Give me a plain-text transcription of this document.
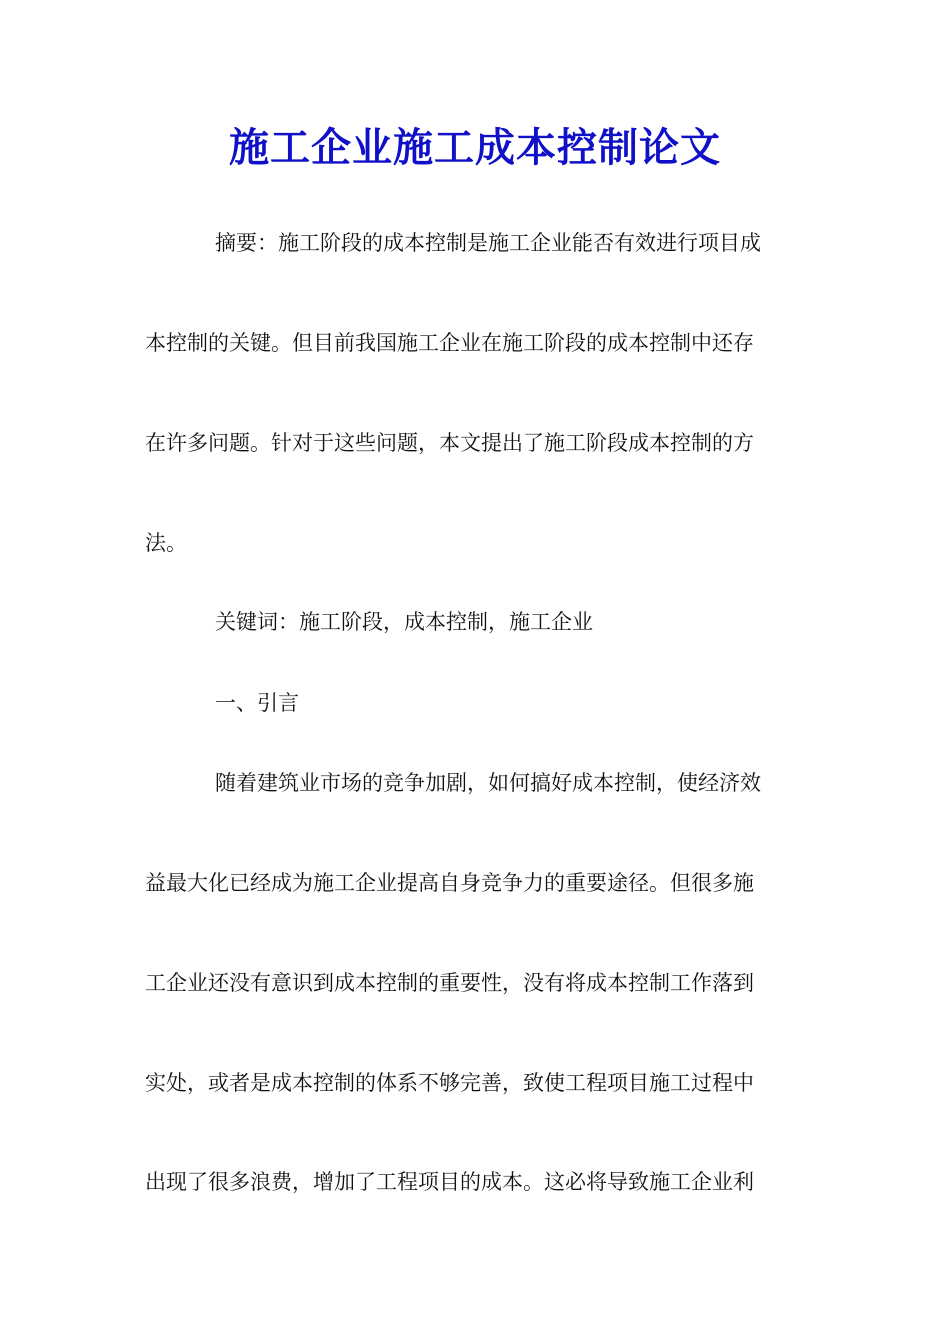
施工企业施工成本控制论文
摘要：施工阶段的成本控制是施工企业能否有效进行项目成
本控制的关键。但目前我国施工企业在施工阶段的成本控制中还存
在许多问题。针对于这些问题，本文提出了施工阶段成本控制的方
法。
关键词：施工阶段，成本控制，施工企业
一、引言
随着建筑业市场的竞争加剧，如何搞好成本控制，使经济效
益最大化已经成为施工企业提高自身竞争力的重要途径。但很多施
工企业还没有意识到成本控制的重要性，没有将成本控制工作落到
实处，或者是成本控制的体系不够完善，致使工程项目施工过程中
出现了很多浪费，增加了工程项目的成本。这必将导致施工企业利
